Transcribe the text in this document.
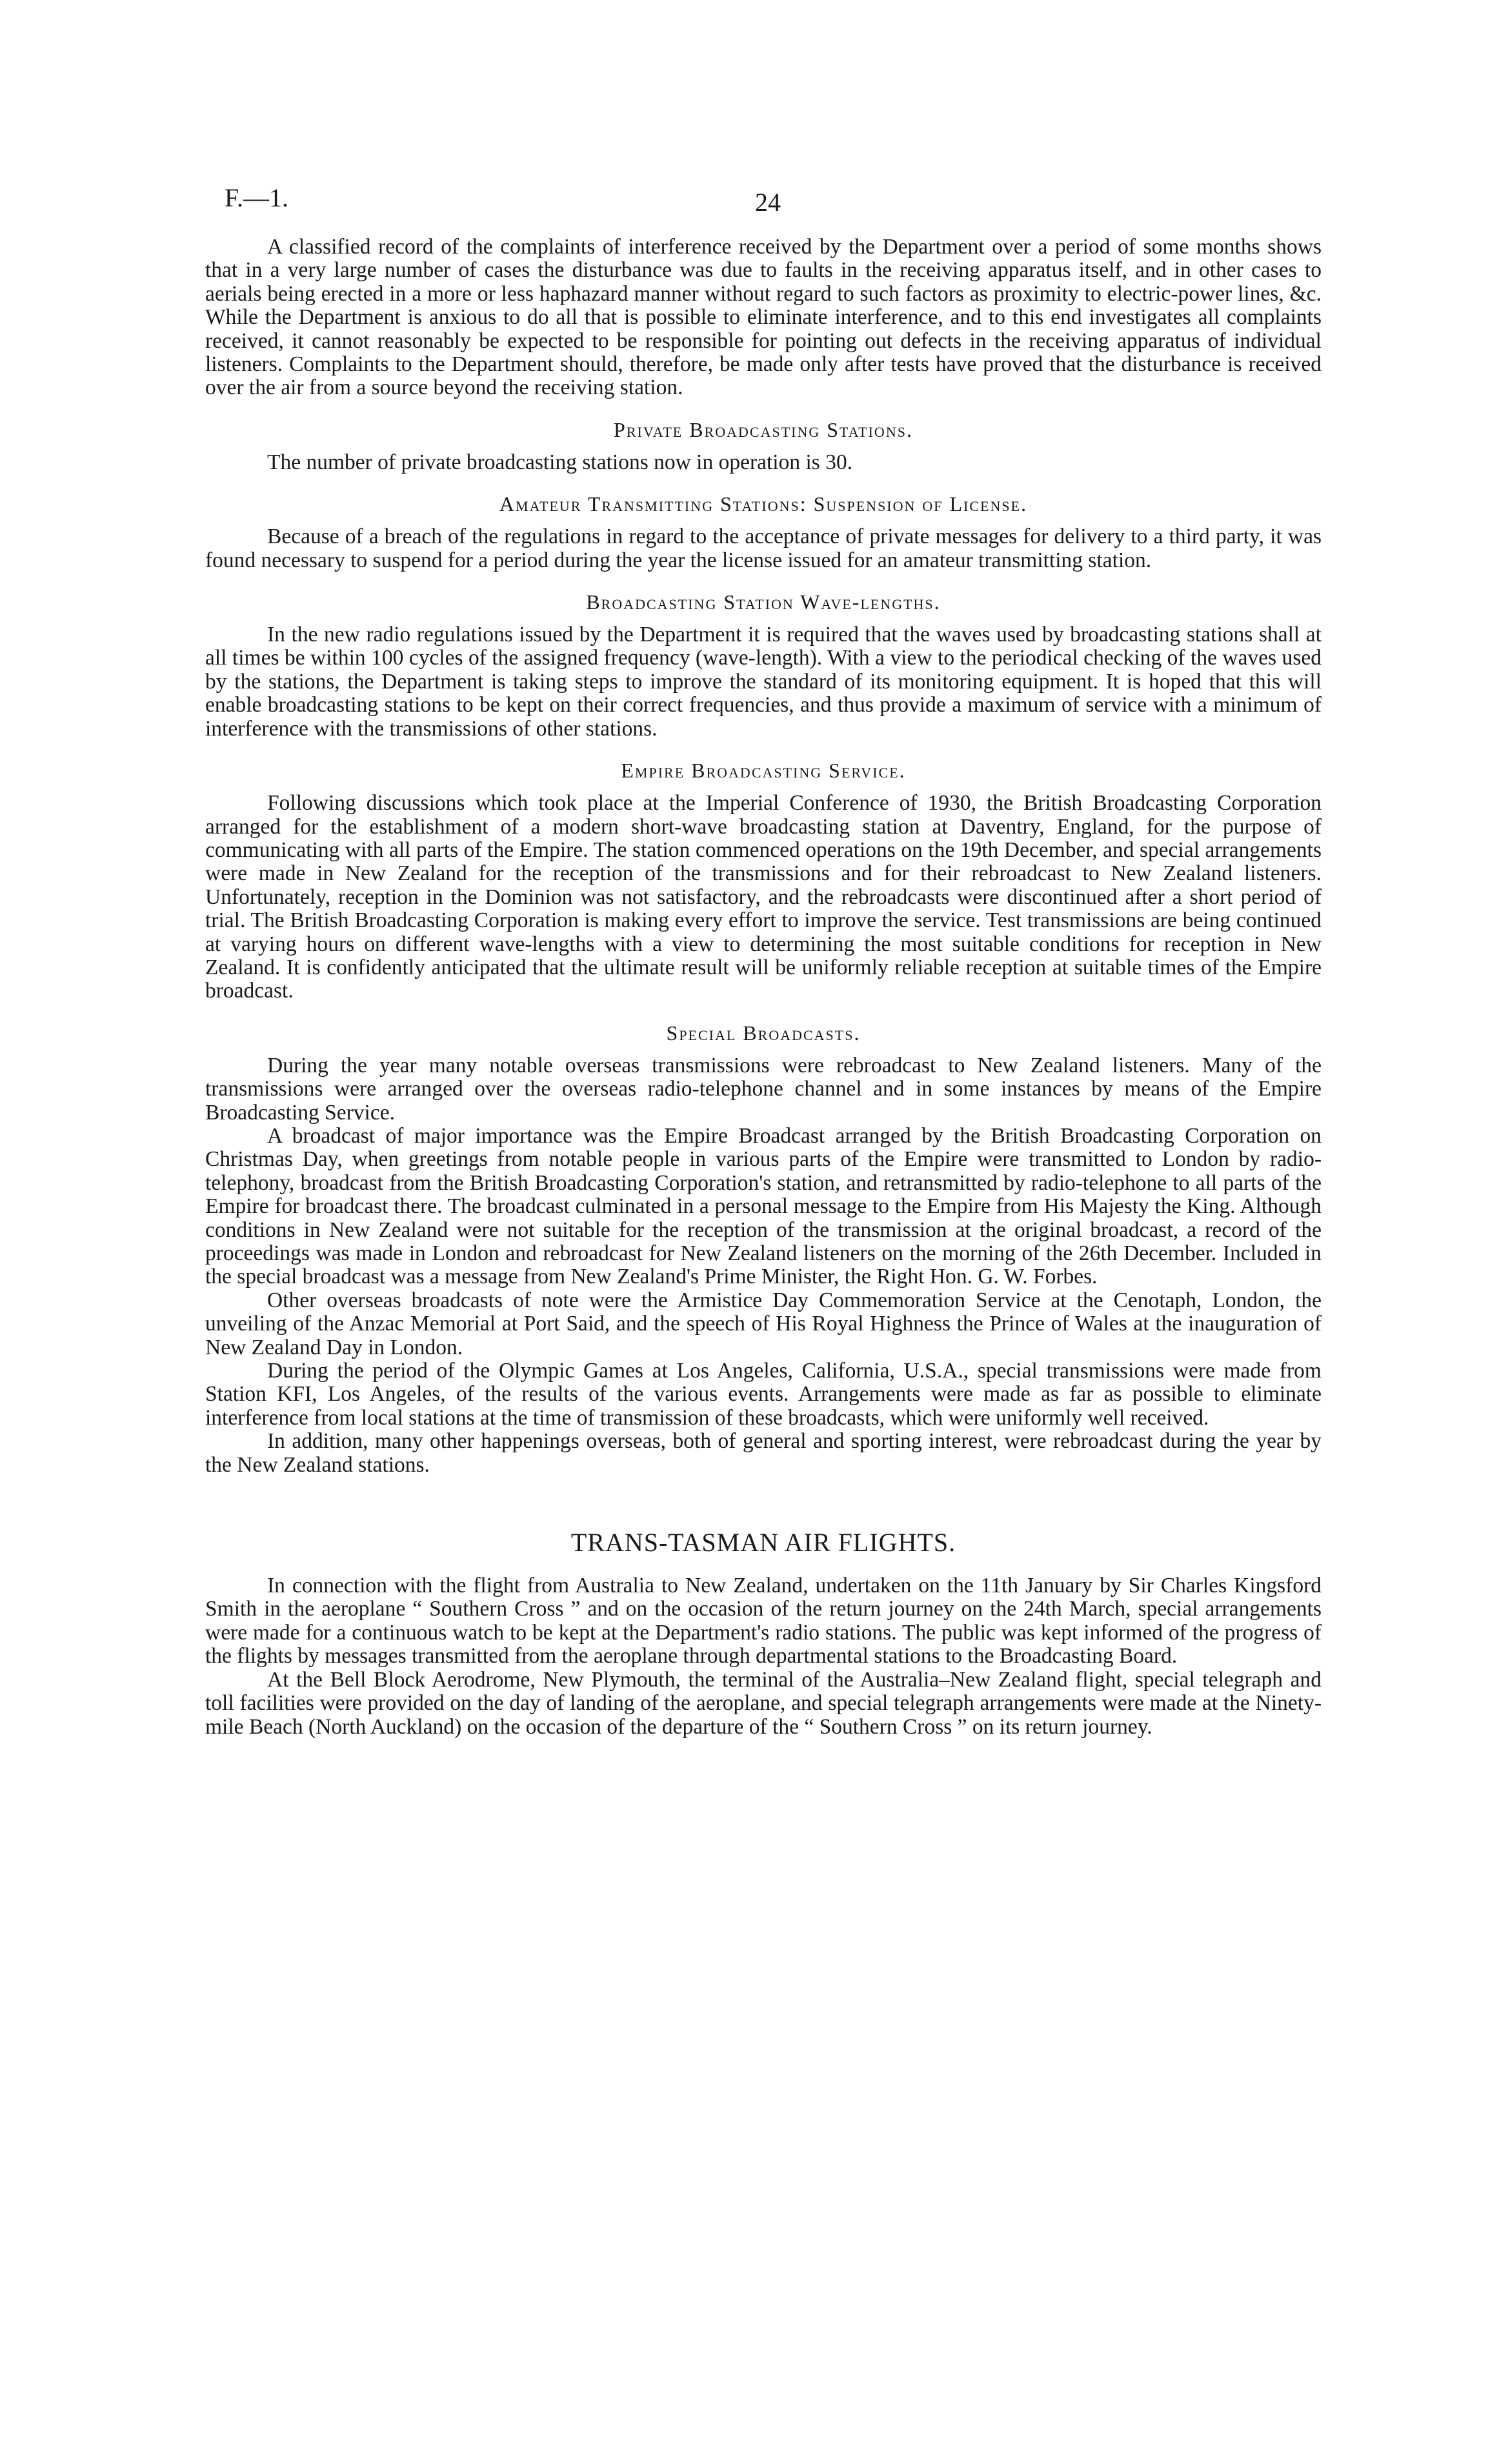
F.—1.	24

A classified record of the complaints of interference received by the Department over a period of some months shows that in a very large number of cases the disturbance was due to faults in the receiving apparatus itself, and in other cases to aerials being erected in a more or less haphazard manner without regard to such factors as proximity to electric-power lines, &c. While the Department is anxious to do all that is possible to eliminate interference, and to this end investigates all complaints received, it cannot reasonably be expected to be responsible for pointing out defects in the receiving apparatus of individual listeners. Complaints to the Department should, therefore, be made only after tests have proved that the disturbance is received over the air from a source beyond the receiving station.

Private Broadcasting Stations.

The number of private broadcasting stations now in operation is 30.

Amateur Transmitting Stations: Suspension of License.

Because of a breach of the regulations in regard to the acceptance of private messages for delivery to a third party, it was found necessary to suspend for a period during the year the license issued for an amateur transmitting station.

Broadcasting Station Wave-lengths.

In the new radio regulations issued by the Department it is required that the waves used by broadcasting stations shall at all times be within 100 cycles of the assigned frequency (wave-length). With a view to the periodical checking of the waves used by the stations, the Department is taking steps to improve the standard of its monitoring equipment. It is hoped that this will enable broadcasting stations to be kept on their correct frequencies, and thus provide a maximum of service with a minimum of interference with the transmissions of other stations.

Empire Broadcasting Service.

Following discussions which took place at the Imperial Conference of 1930, the British Broadcasting Corporation arranged for the establishment of a modern short-wave broadcasting station at Daventry, England, for the purpose of communicating with all parts of the Empire. The station commenced operations on the 19th December, and special arrangements were made in New Zealand for the reception of the transmissions and for their rebroadcast to New Zealand listeners. Unfortunately, reception in the Dominion was not satisfactory, and the rebroadcasts were discontinued after a short period of trial. The British Broadcasting Corporation is making every effort to improve the service. Test transmissions are being continued at varying hours on different wave-lengths with a view to determining the most suitable conditions for reception in New Zealand. It is confidently anticipated that the ultimate result will be uniformly reliable reception at suitable times of the Empire broadcast.

Special Broadcasts.

During the year many notable overseas transmissions were rebroadcast to New Zealand listeners. Many of the transmissions were arranged over the overseas radio-telephone channel and in some instances by means of the Empire Broadcasting Service.

A broadcast of major importance was the Empire Broadcast arranged by the British Broadcasting Corporation on Christmas Day, when greetings from notable people in various parts of the Empire were transmitted to London by radio-telephony, broadcast from the British Broadcasting Corporation's station, and retransmitted by radio-telephone to all parts of the Empire for broadcast there. The broadcast culminated in a personal message to the Empire from His Majesty the King. Although conditions in New Zealand were not suitable for the reception of the transmission at the original broadcast, a record of the proceedings was made in London and rebroadcast for New Zealand listeners on the morning of the 26th December. Included in the special broadcast was a message from New Zealand's Prime Minister, the Right Hon. G. W. Forbes.

Other overseas broadcasts of note were the Armistice Day Commemoration Service at the Cenotaph, London, the unveiling of the Anzac Memorial at Port Said, and the speech of His Royal Highness the Prince of Wales at the inauguration of New Zealand Day in London.

During the period of the Olympic Games at Los Angeles, California, U.S.A., special transmissions were made from Station KFI, Los Angeles, of the results of the various events. Arrangements were made as far as possible to eliminate interference from local stations at the time of transmission of these broadcasts, which were uniformly well received.

In addition, many other happenings overseas, both of general and sporting interest, were rebroadcast during the year by the New Zealand stations.

TRANS-TASMAN AIR FLIGHTS.

In connection with the flight from Australia to New Zealand, undertaken on the 11th January by Sir Charles Kingsford Smith in the aeroplane “ Southern Cross ” and on the occasion of the return journey on the 24th March, special arrangements were made for a continuous watch to be kept at the Department's radio stations. The public was kept informed of the progress of the flights by messages transmitted from the aeroplane through departmental stations to the Broadcasting Board.

At the Bell Block Aerodrome, New Plymouth, the terminal of the Australia–New Zealand flight, special telegraph and toll facilities were provided on the day of landing of the aeroplane, and special telegraph arrangements were made at the Ninety-mile Beach (North Auckland) on the occasion of the departure of the “ Southern Cross ” on its return journey.
